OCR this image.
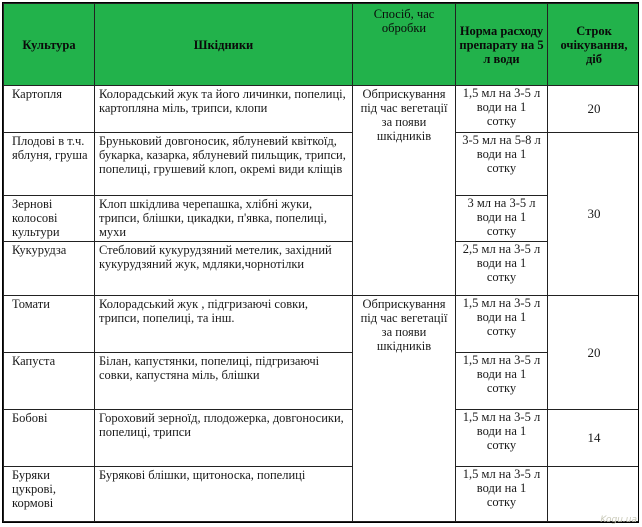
Культура	Шкідники	Спосіб, час обробки	Норма расходу препарату на 5 л води	Строк очікування, діб
Картопля	Колорадський жук та його личинки, попелиці, картопляна міль, трипси, клопи	Обприскування під час вегетації за появи шкідників	1,5 мл на 3-5 л води на 1 сотку	20
Плодові в т.ч. яблуня, груша	Бруньковий довгоносик, яблуневий квіткоїд, букарка, казарка, яблуневий пильщик, трипси, попелиці, грушевий клоп, окремі види кліщів		3-5 мл на 5-8 л води на 1 сотку	30
Зернові колосові культури	Клоп шкідлива черепашка, хлібні жуки, трипси, блішки, цикадки, п'явка, попелиці, мухи		3 мл на 3-5 л води на 1 сотку	
Кукурудза	Стебловий кукурудзяний метелик, західний кукурудзяний жук, мдляки,чорнотілки		2,5 мл на 3-5 л води на 1 сотку	
Томати	Колорадський жук , підгризаючі совки, трипси, попелиці, та інш.	Обприскування під час вегетації за появи шкідників	1,5 мл на 3-5 л води на 1 сотку	20
Капуста	Білан, капустянки, попелиці, підгризаючі совки, капустяна міль, блішки		1,5 мл на 3-5 л води на 1 сотку	
Бобові	Гороховий зерноїд, плодожерка, довгоносики, попелиці, трипси		1,5 мл на 3-5 л води на 1 сотку	14
Буряки цукрові, кормові	Бурякові блішки, щитоноска, попелиці		1,5 мл на 3-5 л води на 1 сотку	
Kogu.ua
